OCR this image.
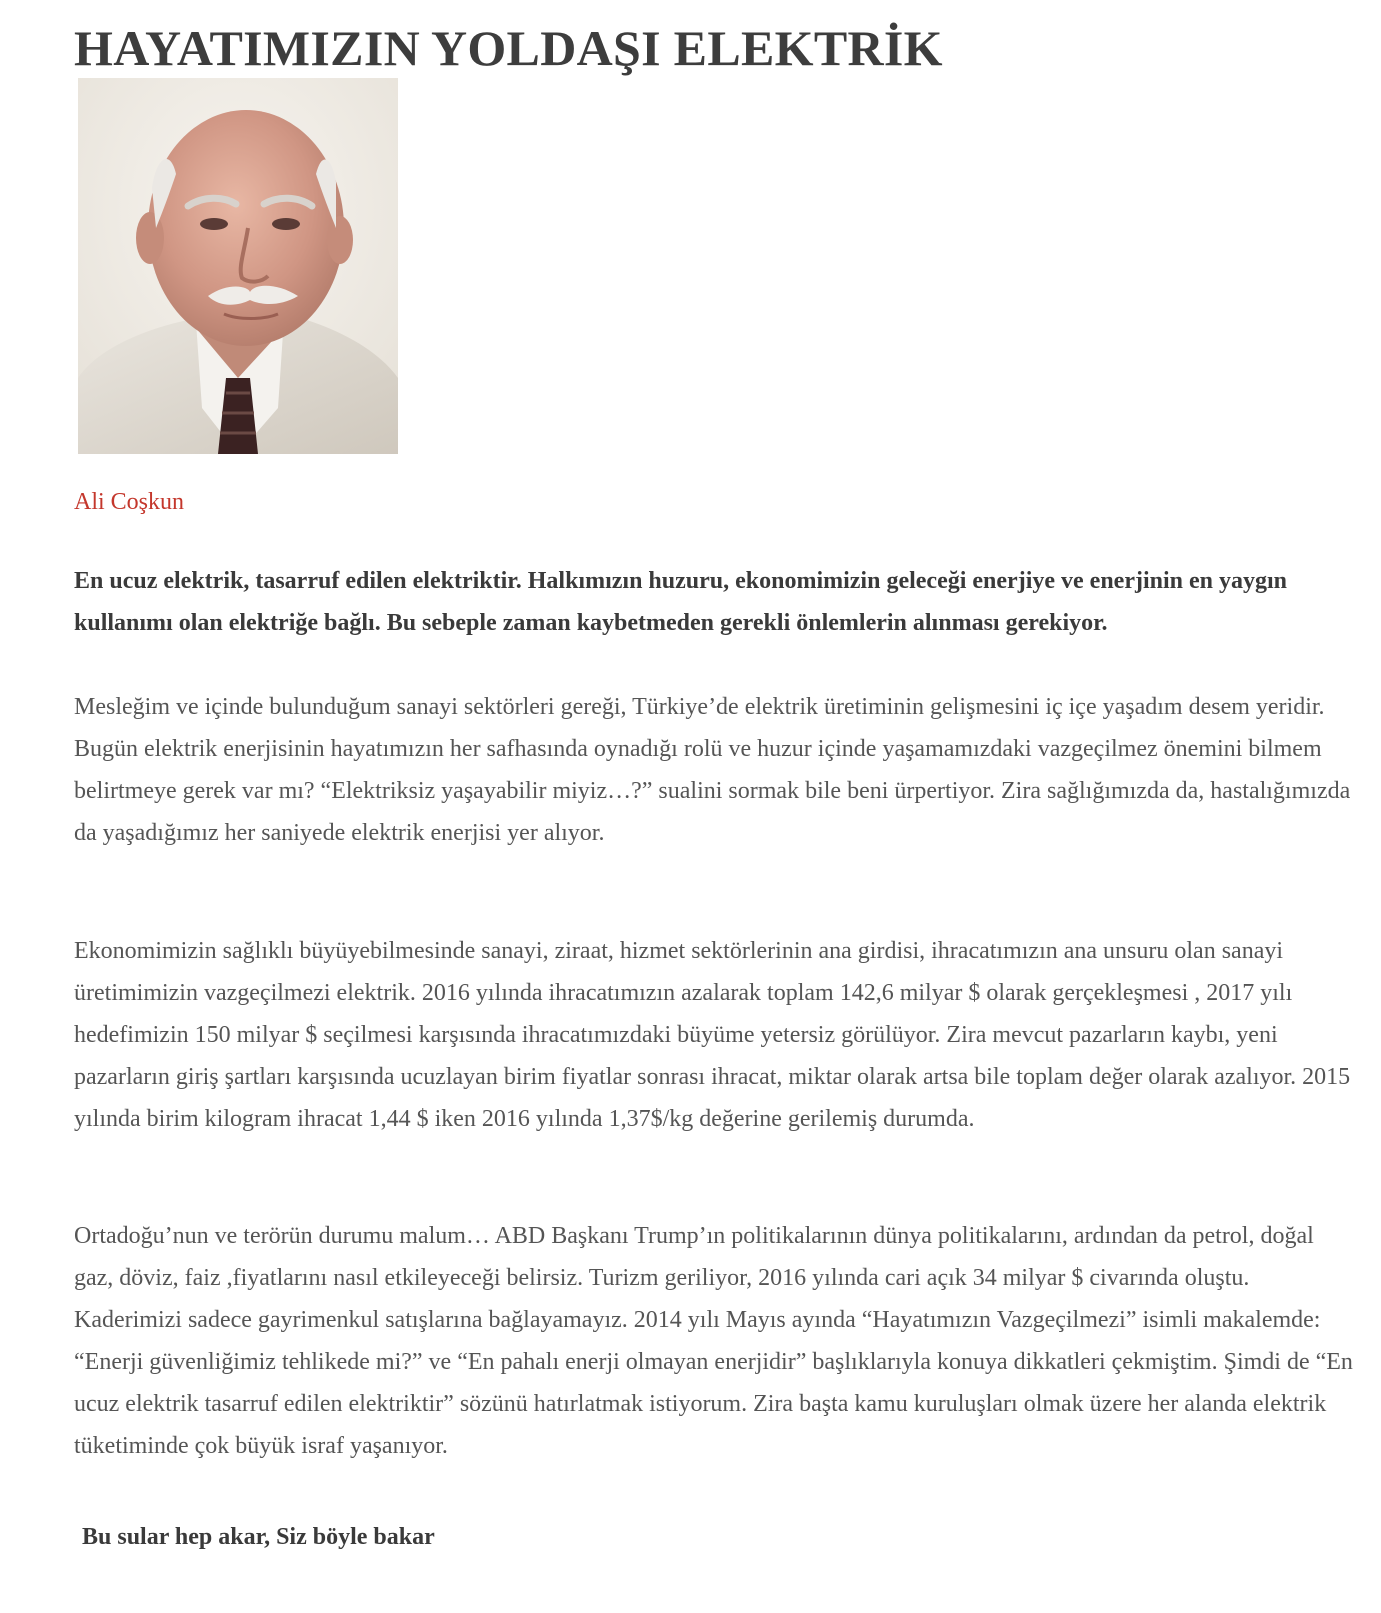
HAYATIMIZIN YOLDAŞI ELEKTRİK
Ali Coşkun

En ucuz elektrik, tasarruf edilen elektriktir. Halkımızın huzuru, ekonomimizin geleceği enerjiye ve enerjinin en yaygın kullanımı olan elektriğe bağlı. Bu sebeple zaman kaybetmeden gerekli önlemlerin alınması gerekiyor.

Mesleğim ve içinde bulunduğum sanayi sektörleri gereği, Türkiye’de elektrik üretiminin gelişmesini iç içe yaşadım desem yeridir. Bugün elektrik enerjisinin hayatımızın her safhasında oynadığı rolü ve huzur içinde yaşamamızdaki vazgeçilmez önemini bilmem belirtmeye gerek var mı? “Elektriksiz yaşayabilir miyiz…?” sualini sormak bile beni ürpertiyor. Zira sağlığımızda da, hastalığımızda da yaşadığımız her saniyede elektrik enerjisi yer alıyor.

Ekonomimizin sağlıklı büyüyebilmesinde sanayi, ziraat, hizmet sektörlerinin ana girdisi, ihracatımızın ana unsuru olan sanayi üretimimizin vazgeçilmezi elektrik. 2016 yılında ihracatımızın azalarak toplam 142,6 milyar $ olarak gerçekleşmesi , 2017 yılı hedefimizin 150 milyar $ seçilmesi karşısında ihracatımızdaki büyüme yetersiz görülüyor. Zira mevcut pazarların kaybı, yeni pazarların giriş şartları karşısında ucuzlayan birim fiyatlar sonrası ihracat, miktar olarak artsa bile toplam değer olarak azalıyor. 2015 yılında birim kilogram ihracat 1,44 $ iken 2016 yılında 1,37$/kg değerine gerilemiş durumda.

Ortadoğu’nun ve terörün durumu malum… ABD Başkanı Trump’ın politikalarının dünya politikalarını, ardından da petrol, doğal gaz, döviz, faiz ,fiyatlarını nasıl etkileyeceği belirsiz. Turizm geriliyor, 2016 yılında cari açık 34 milyar $ civarında oluştu. Kaderimizi sadece gayrimenkul satışlarına bağlayamayız. 2014 yılı Mayıs ayında “Hayatımızın Vazgeçilmezi” isimli makalemde: “Enerji güvenliğimiz tehlikede mi?” ve “En pahalı enerji olmayan enerjidir” başlıklarıyla konuya dikkatleri çekmiştim. Şimdi de “En ucuz elektrik tasarruf edilen elektriktir” sözünü hatırlatmak istiyorum. Zira başta kamu kuruluşları olmak üzere her alanda elektrik tüketiminde çok büyük israf yaşanıyor.

Bu sular hep akar, Siz böyle bakar
